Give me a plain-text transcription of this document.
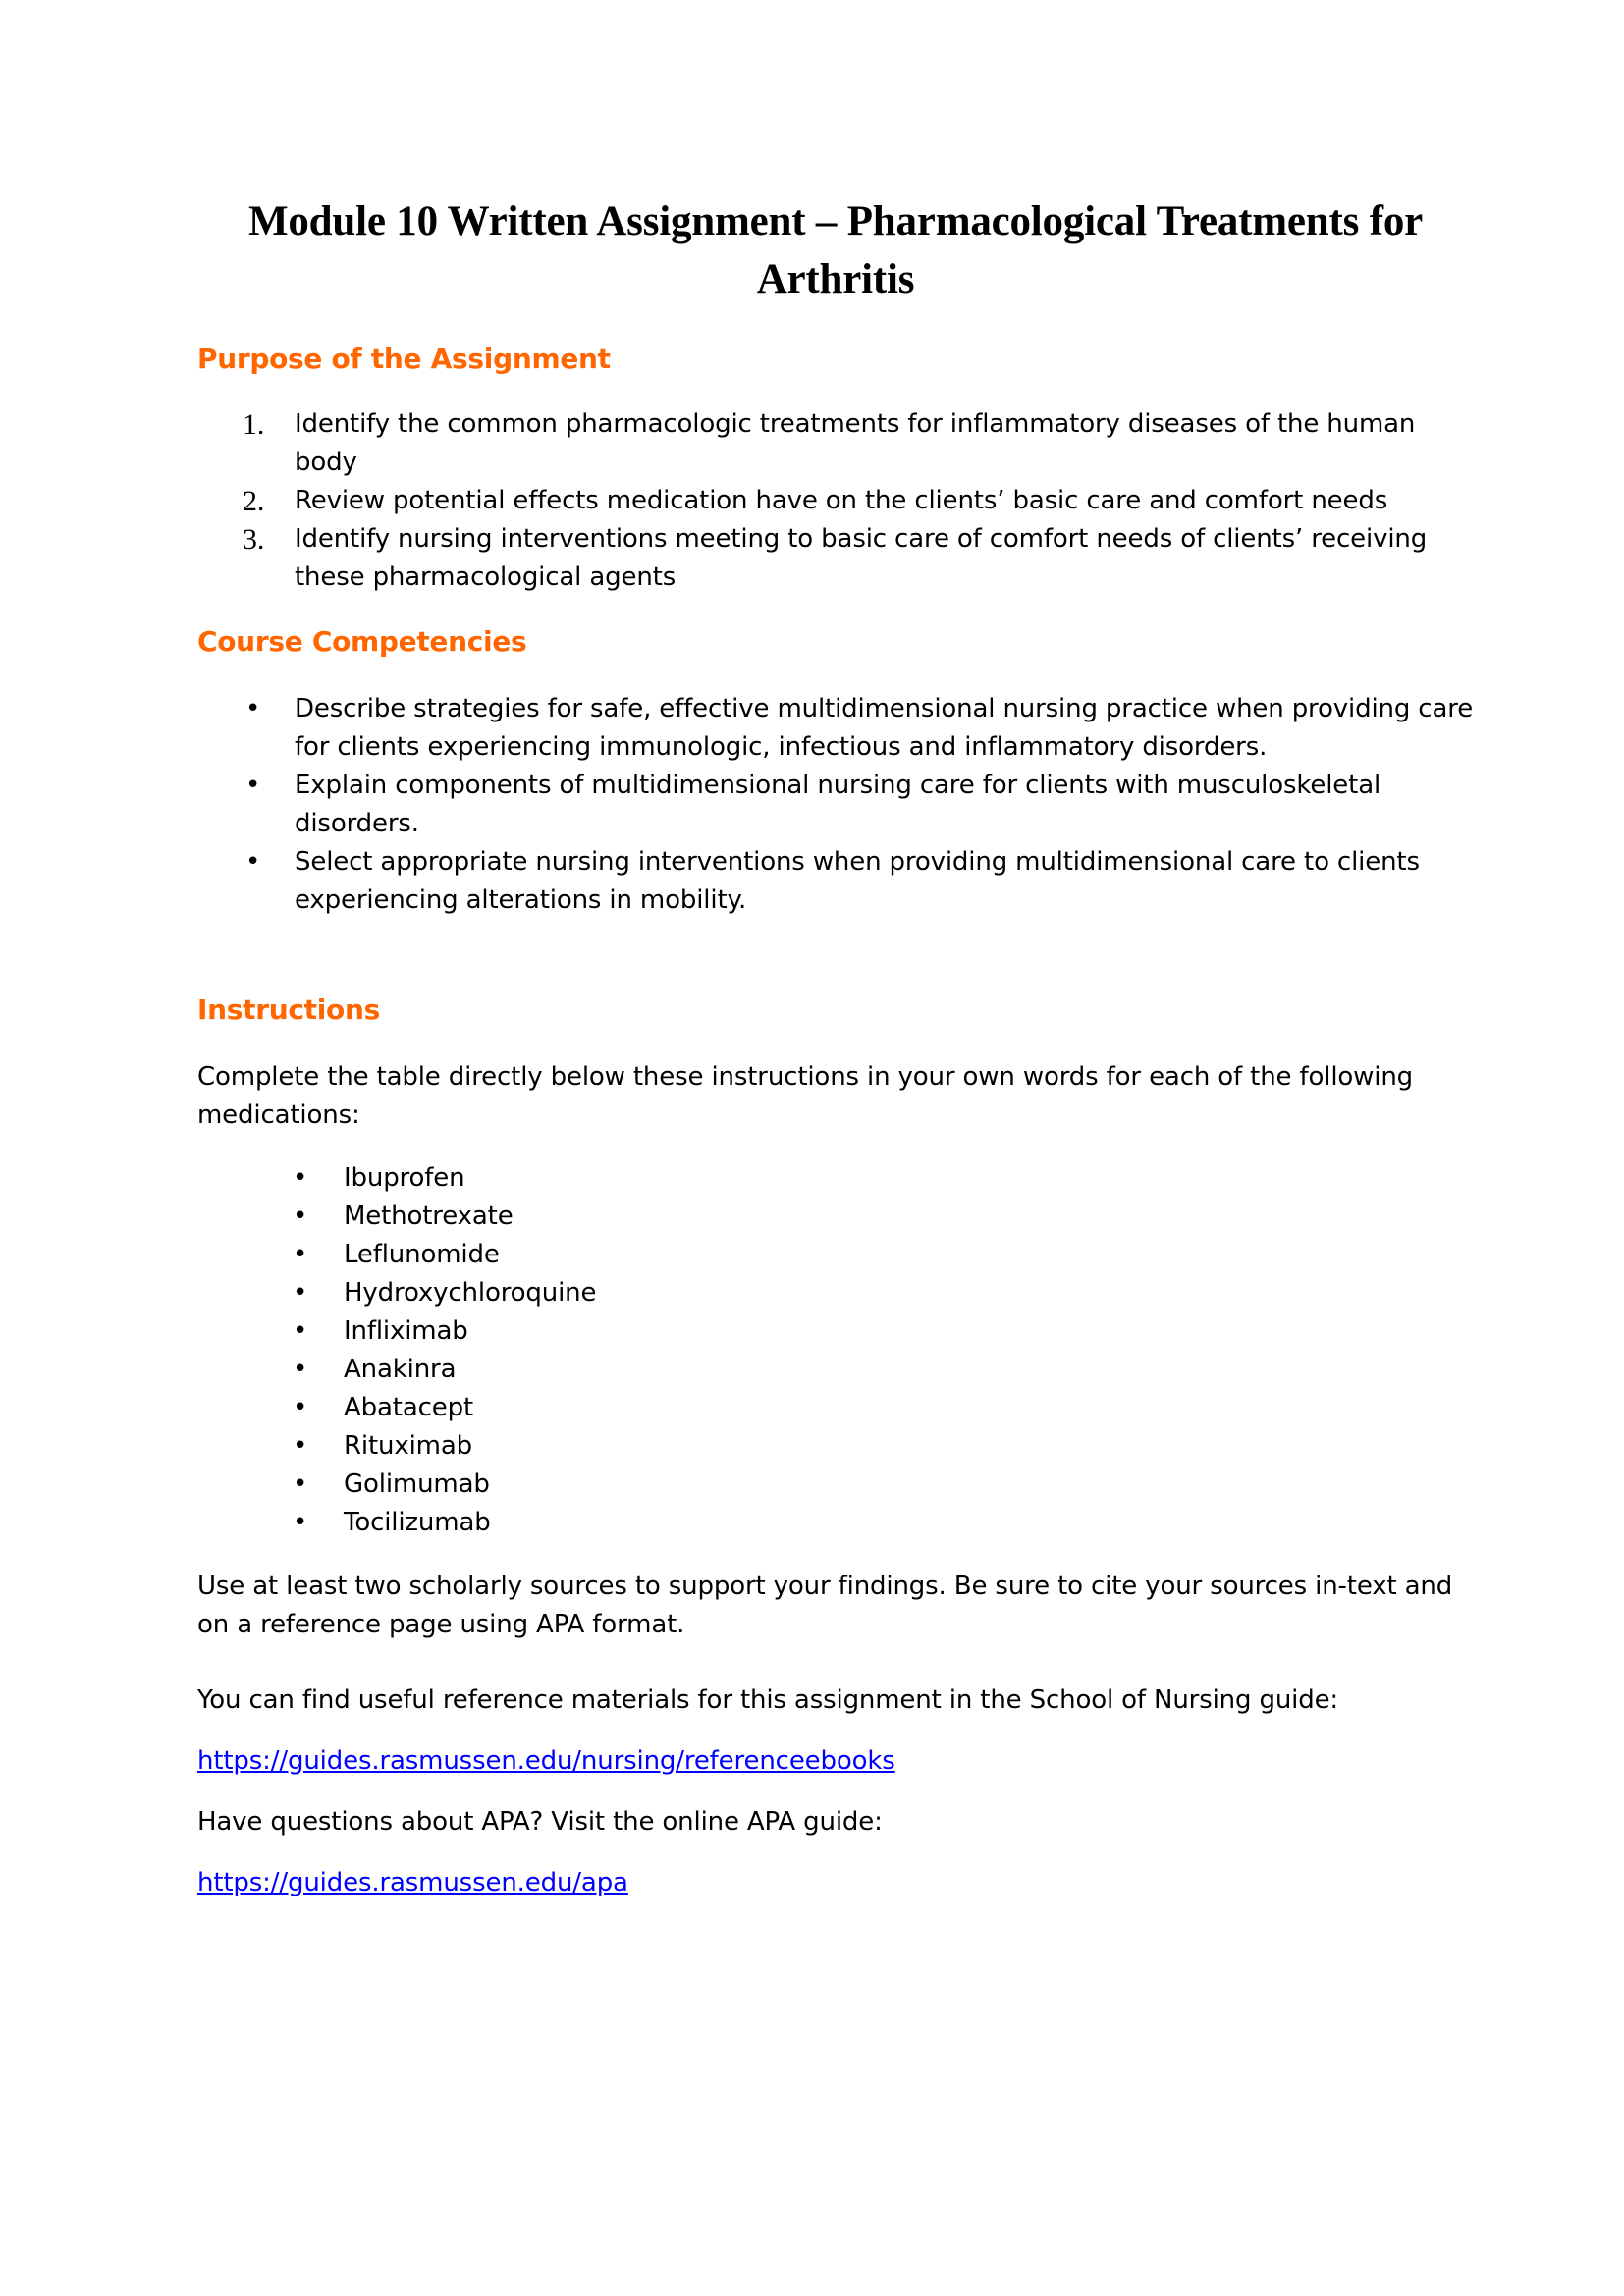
Module 10 Written Assignment – Pharmacological Treatments for Arthritis
Purpose of the Assignment
1. Identify the common pharmacologic treatments for inflammatory diseases of the human body
2. Review potential effects medication have on the clients’ basic care and comfort needs
3. Identify nursing interventions meeting to basic care of comfort needs of clients’ receiving these pharmacological agents
Course Competencies
• Describe strategies for safe, effective multidimensional nursing practice when providing care for clients experiencing immunologic, infectious and inflammatory disorders.
• Explain components of multidimensional nursing care for clients with musculoskeletal disorders.
• Select appropriate nursing interventions when providing multidimensional care to clients experiencing alterations in mobility.
Instructions

Complete the table directly below these instructions in your own words for each of the following medications:

• Ibuprofen
• Methotrexate
• Leflunomide
• Hydroxychloroquine
• Infliximab
• Anakinra
• Abatacept
• Rituximab
• Golimumab
• Tocilizumab

Use at least two scholarly sources to support your findings. Be sure to cite your sources in-text and on a reference page using APA format.

You can find useful reference materials for this assignment in the School of Nursing guide:

https://guides.rasmussen.edu/nursing/referenceebooks

Have questions about APA? Visit the online APA guide:

https://guides.rasmussen.edu/apa
